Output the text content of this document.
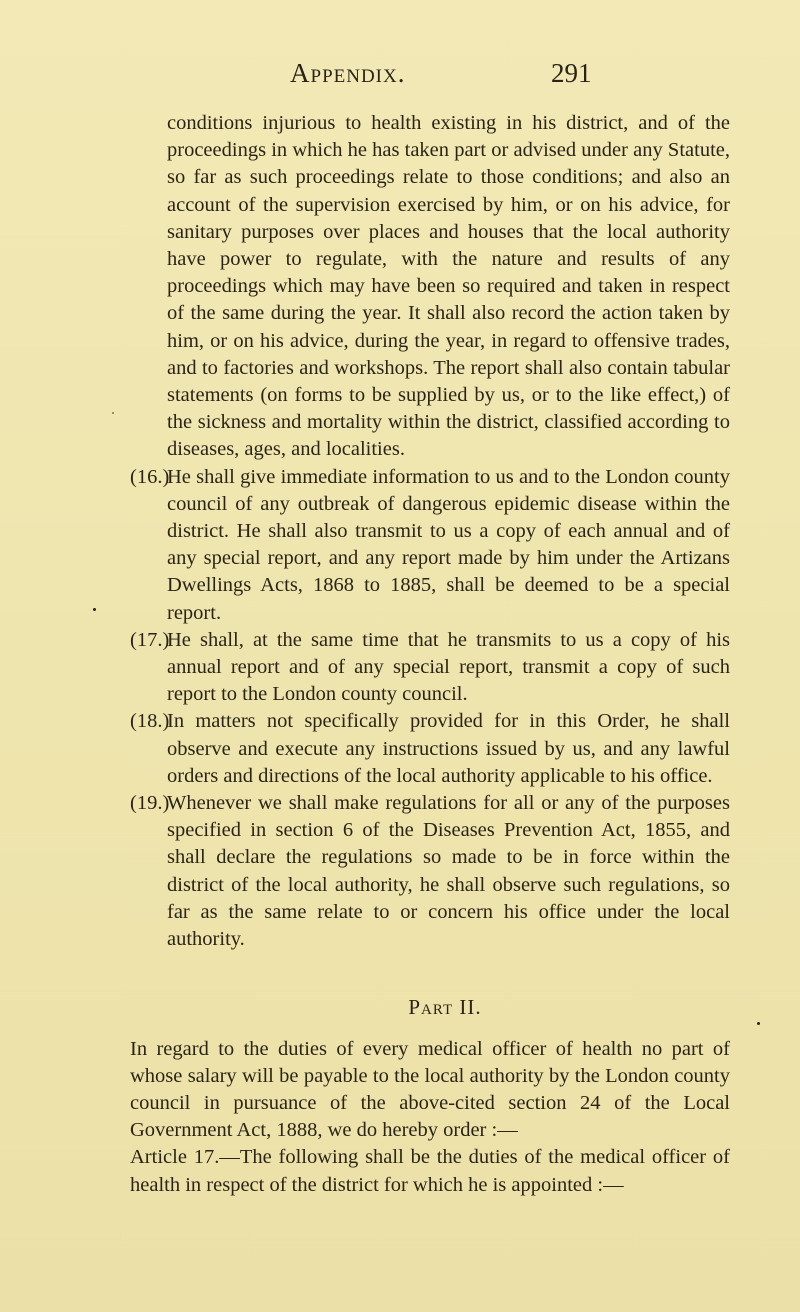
Appendix.	291

conditions injurious to health existing in his district, and of the proceedings in which he has taken part or advised under any Statute, so far as such proceedings relate to those conditions; and also an account of the supervision exercised by him, or on his advice, for sanitary purposes over places and houses that the local authority have power to regulate, with the nature and results of any proceedings which may have been so required and taken in respect of the same during the year. It shall also record the action taken by him, or on his advice, during the year, in regard to offensive trades, and to factories and workshops. The report shall also contain tabular statements (on forms to be supplied by us, or to the like effect,) of the sickness and mortality within the district, classified according to diseases, ages, and localities.

(16.)He shall give immediate information to us and to the London county council of any outbreak of dangerous epidemic disease within the district. He shall also transmit to us a copy of each annual and of any special report, and any report made by him under the Artizans Dwellings Acts, 1868 to 1885, shall be deemed to be a special report.

(17.)He shall, at the same time that he transmits to us a copy of his annual report and of any special report, transmit a copy of such report to the London county council.

(18.)In matters not specifically provided for in this Order, he shall observe and execute any instructions issued by us, and any lawful orders and directions of the local authority applicable to his office.

(19.)Whenever we shall make regulations for all or any of the purposes specified in section 6 of the Diseases Prevention Act, 1855, and shall declare the regulations so made to be in force within the district of the local authority, he shall observe such regulations, so far as the same relate to or concern his office under the local authority.

Part II.

In regard to the duties of every medical officer of health no part of whose salary will be payable to the local authority by the London county council in pursuance of the above-cited section 24 of the Local Government Act, 1888, we do hereby order :—

Article 17.—The following shall be the duties of the medical officer of health in respect of the district for which he is appointed :—
